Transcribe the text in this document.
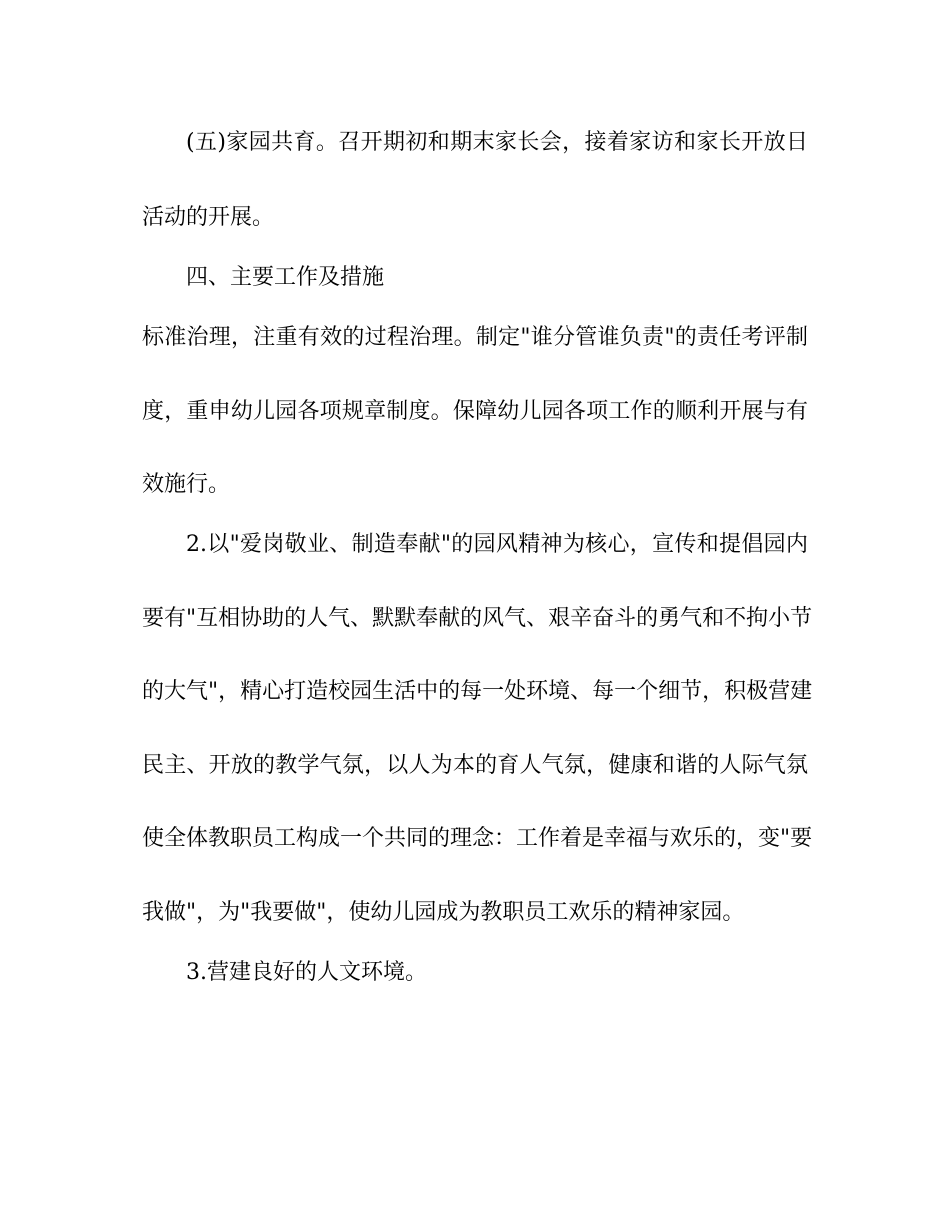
(五)家园共育。召开期初和期末家长会，接着家访和家长开放日
活动的开展。
四、主要工作及措施
标准治理，注重有效的过程治理。制定"谁分管谁负责"的责任考评制
度，重申幼儿园各项规章制度。保障幼儿园各项工作的顺利开展与有
效施行。
2.以"爱岗敬业、制造奉献"的园风精神为核心，宣传和提倡园内
要有"互相协助的人气、默默奉献的风气、艰辛奋斗的勇气和不拘小节
的大气"，精心打造校园生活中的每一处环境、每一个细节，积极营建
民主、开放的教学气氛，以人为本的育人气氛，健康和谐的人际气氛
使全体教职员工构成一个共同的理念：工作着是幸福与欢乐的，变"要
我做"，为"我要做"，使幼儿园成为教职员工欢乐的精神家园。
3.营建良好的人文环境。
